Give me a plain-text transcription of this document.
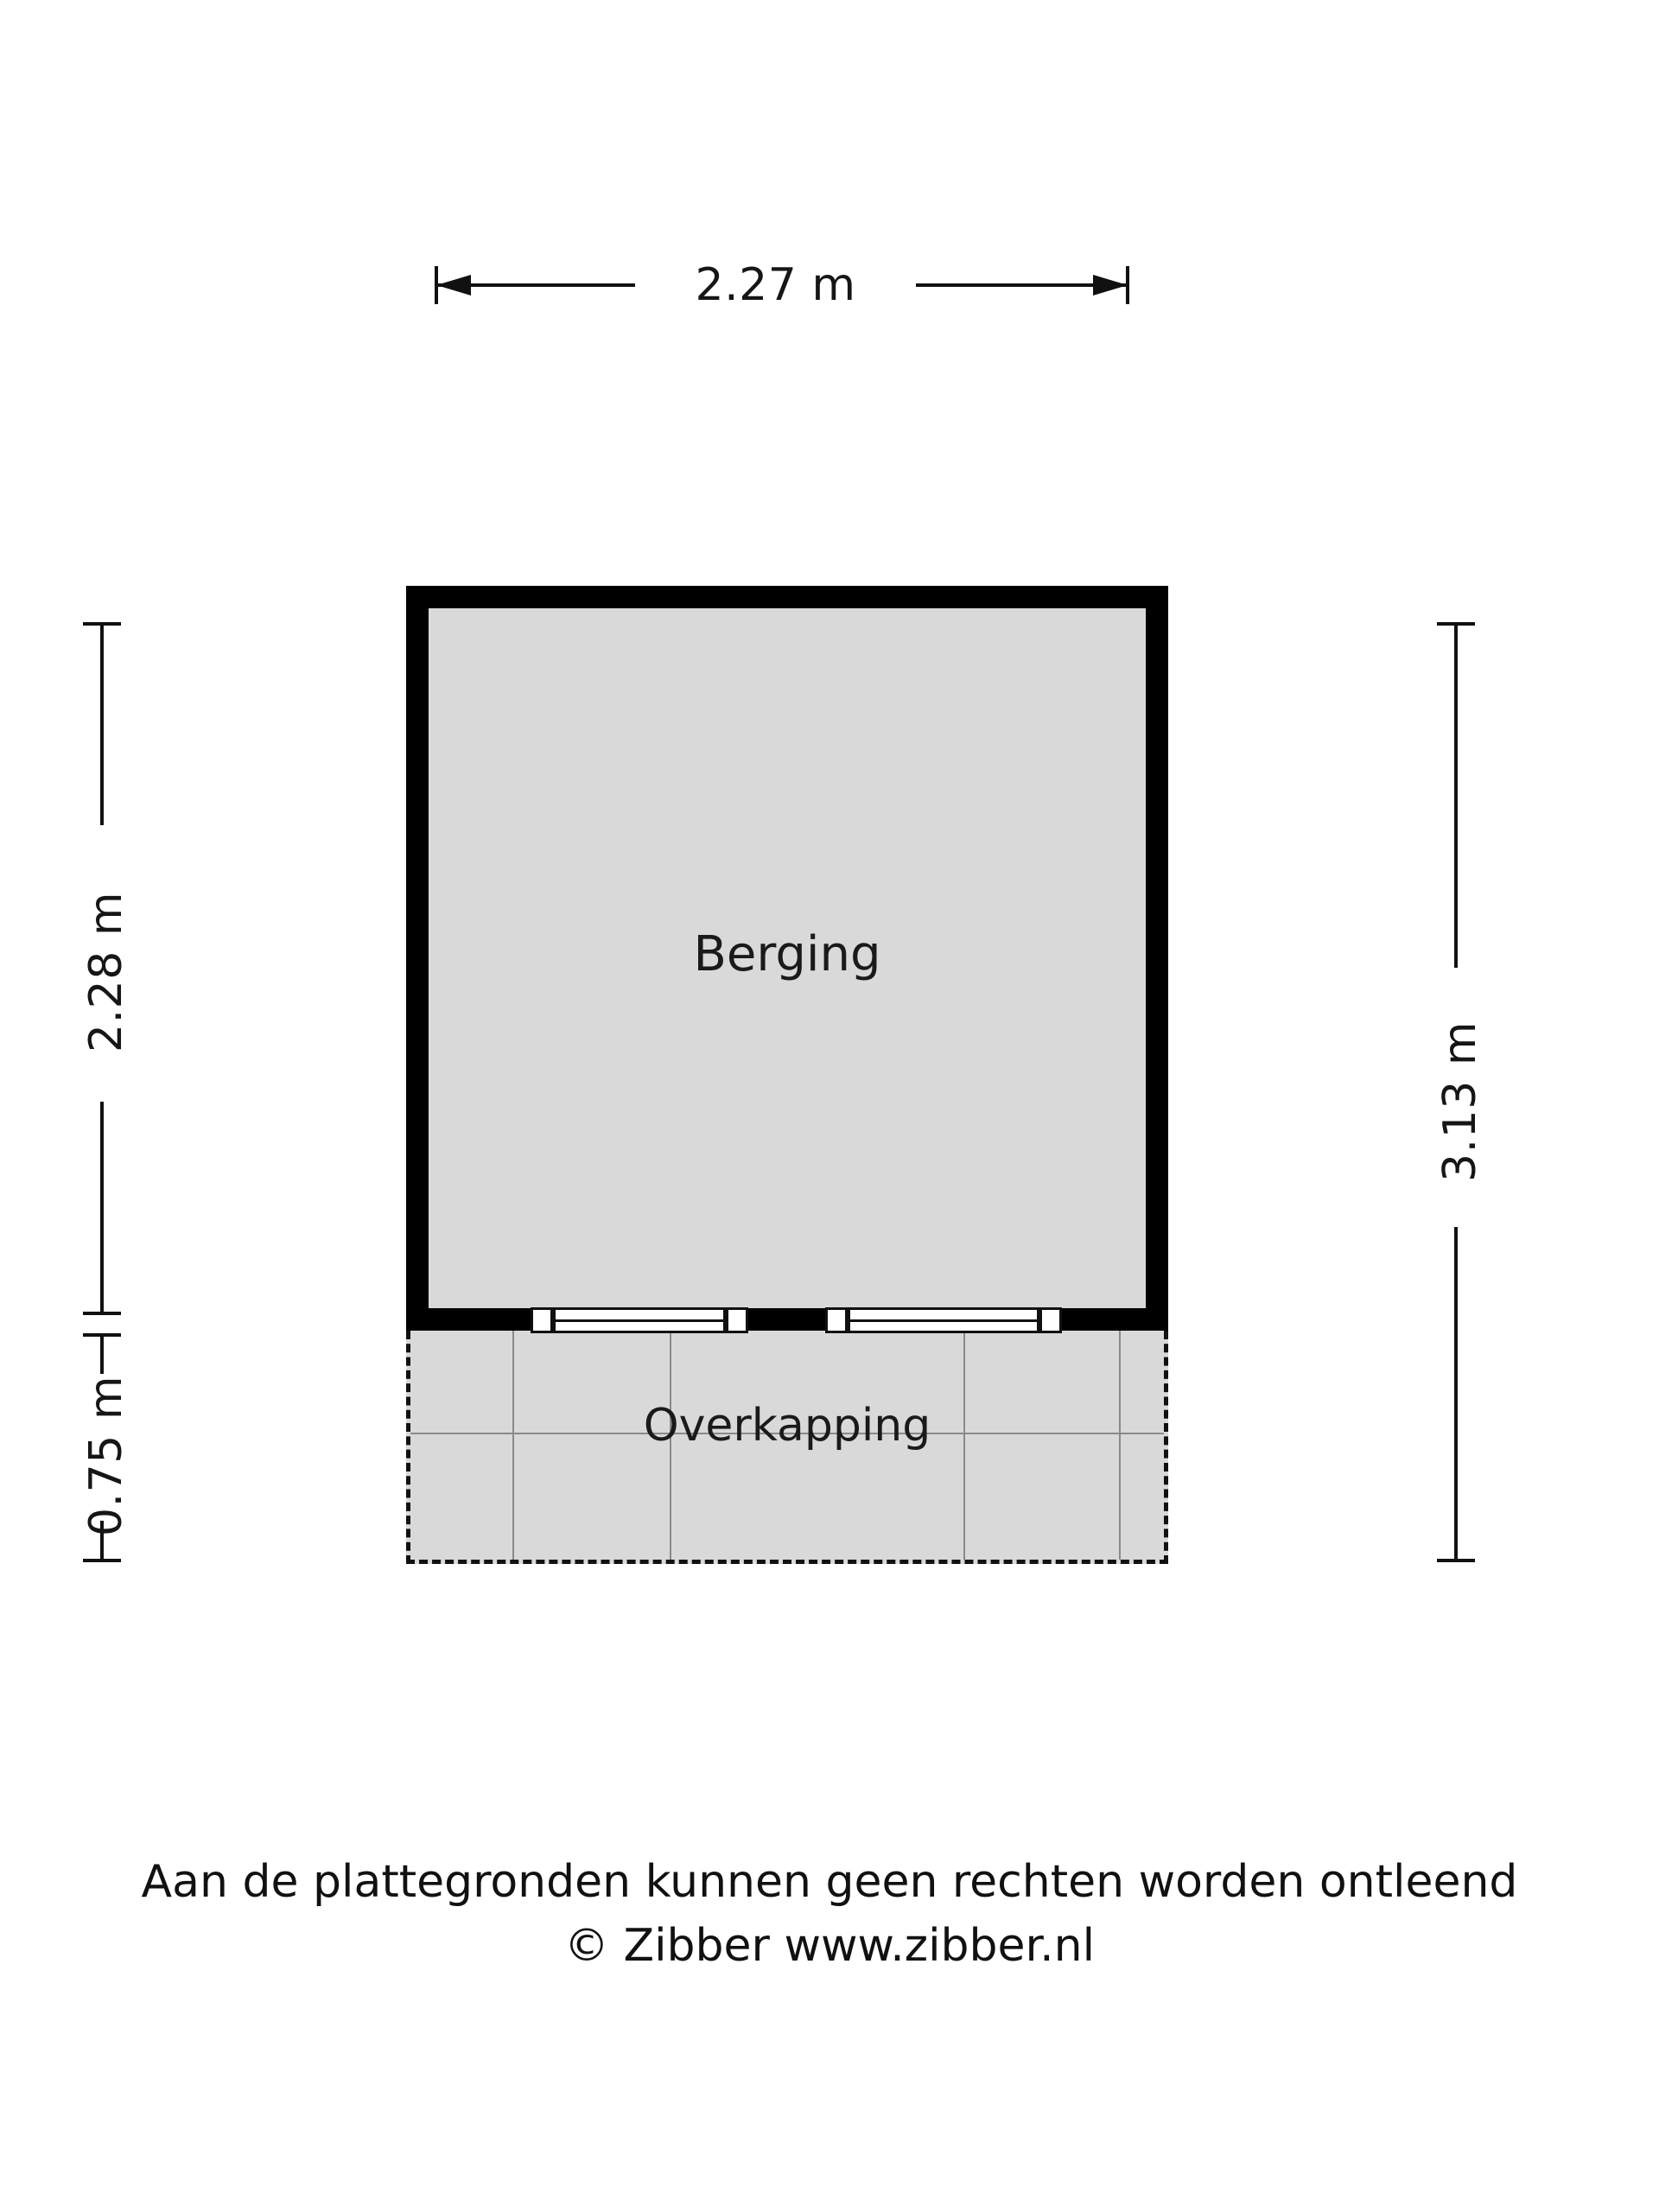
2.27 m
2.28 m
0.75 m
3.13 m
Berging
Overkapping
Aan de plattegronden kunnen geen rechten worden ontleend
© Zibber www.zibber.nl
